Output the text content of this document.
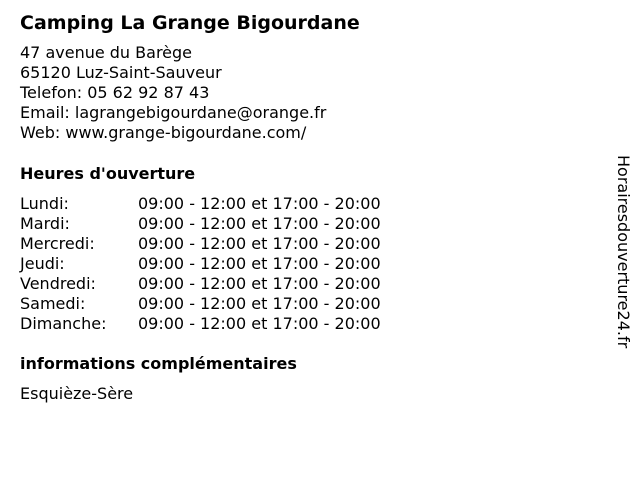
Camping La Grange Bigourdane
47 avenue du Barège
65120 Luz-Saint-Sauveur
Telefon: 05 62 92 87 43
Email: lagrangebigourdane@orange.fr
Web: www.grange-bigourdane.com/
Heures d'ouverture
Lundi:	09:00 - 12:00 et 17:00 - 20:00
Mardi:	09:00 - 12:00 et 17:00 - 20:00
Mercredi:	09:00 - 12:00 et 17:00 - 20:00
Jeudi:	09:00 - 12:00 et 17:00 - 20:00
Vendredi:	09:00 - 12:00 et 17:00 - 20:00
Samedi:	09:00 - 12:00 et 17:00 - 20:00
Dimanche:	09:00 - 12:00 et 17:00 - 20:00
informations complémentaires
Esquièze-Sère
Horairesdouverture24.fr
